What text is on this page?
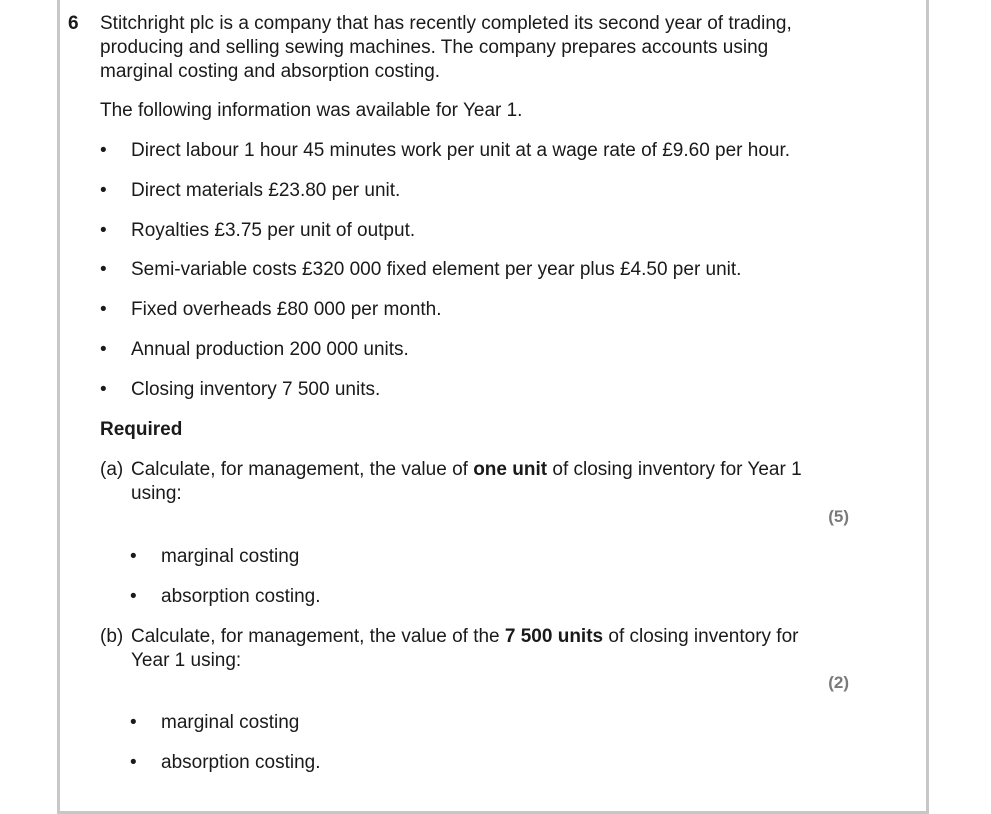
6 Stitchright plc is a company that has recently completed its second year of trading,
producing and selling sewing machines. The company prepares accounts using
marginal costing and absorption costing.
The following information was available for Year 1.
• Direct labour 1 hour 45 minutes work per unit at a wage rate of £9.60 per hour.
• Direct materials £23.80 per unit.
• Royalties £3.75 per unit of output.
• Semi-variable costs £320 000 fixed element per year plus £4.50 per unit.
• Fixed overheads £80 000 per month.
• Annual production 200 000 units.
• Closing inventory 7 500 units.
Required
(a) Calculate, for management, the value of one unit of closing inventory for Year 1
using:
(5)
• marginal costing
• absorption costing.
(b) Calculate, for management, the value of the 7 500 units of closing inventory for
Year 1 using:
(2)
• marginal costing
• absorption costing.
